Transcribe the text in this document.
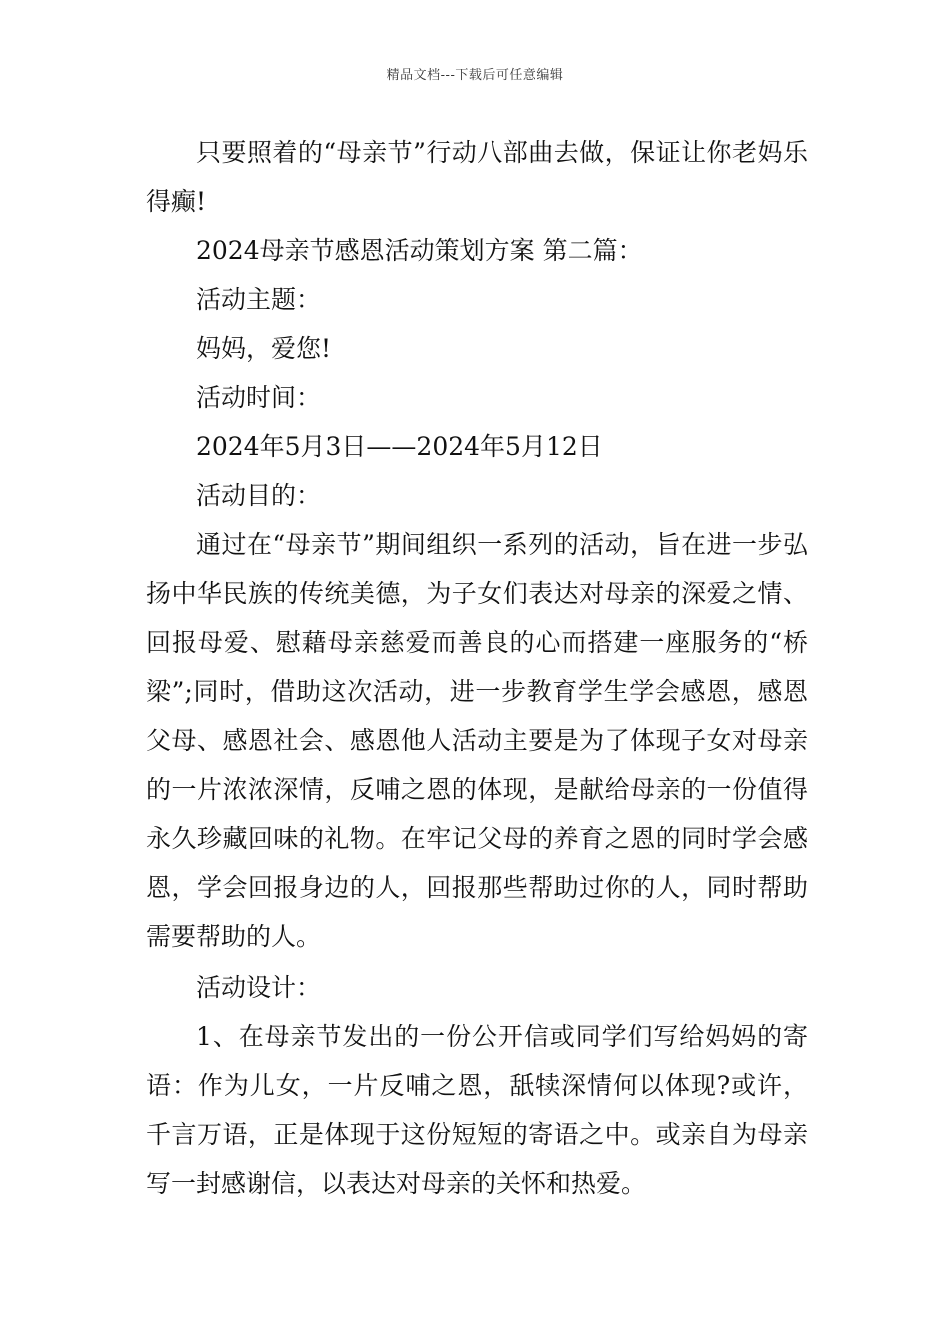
精品文档---下载后可任意编辑

只要照着的“母亲节”行动八部曲去做，保证让你老妈乐得癫!

2024母亲节感恩活动策划方案 第二篇：

活动主题：

妈妈，爱您!

活动时间：

2024年5月3日——2024年5月12日

活动目的：

通过在“母亲节”期间组织一系列的活动，旨在进一步弘扬中华民族的传统美德，为子女们表达对母亲的深爱之情、回报母爱、慰藉母亲慈爱而善良的心而搭建一座服务的“桥梁”;同时，借助这次活动，进一步教育学生学会感恩，感恩父母、感恩社会、感恩他人活动主要是为了体现子女对母亲的一片浓浓深情，反哺之恩的体现，是献给母亲的一份值得永久珍藏回味的礼物。在牢记父母的养育之恩的同时学会感恩，学会回报身边的人，回报那些帮助过你的人，同时帮助需要帮助的人。

活动设计：

1、在母亲节发出的一份公开信或同学们写给妈妈的寄语：作为儿女，一片反哺之恩，舐犊深情何以体现?或许，千言万语，正是体现于这份短短的寄语之中。或亲自为母亲写一封感谢信，以表达对母亲的关怀和热爱。
